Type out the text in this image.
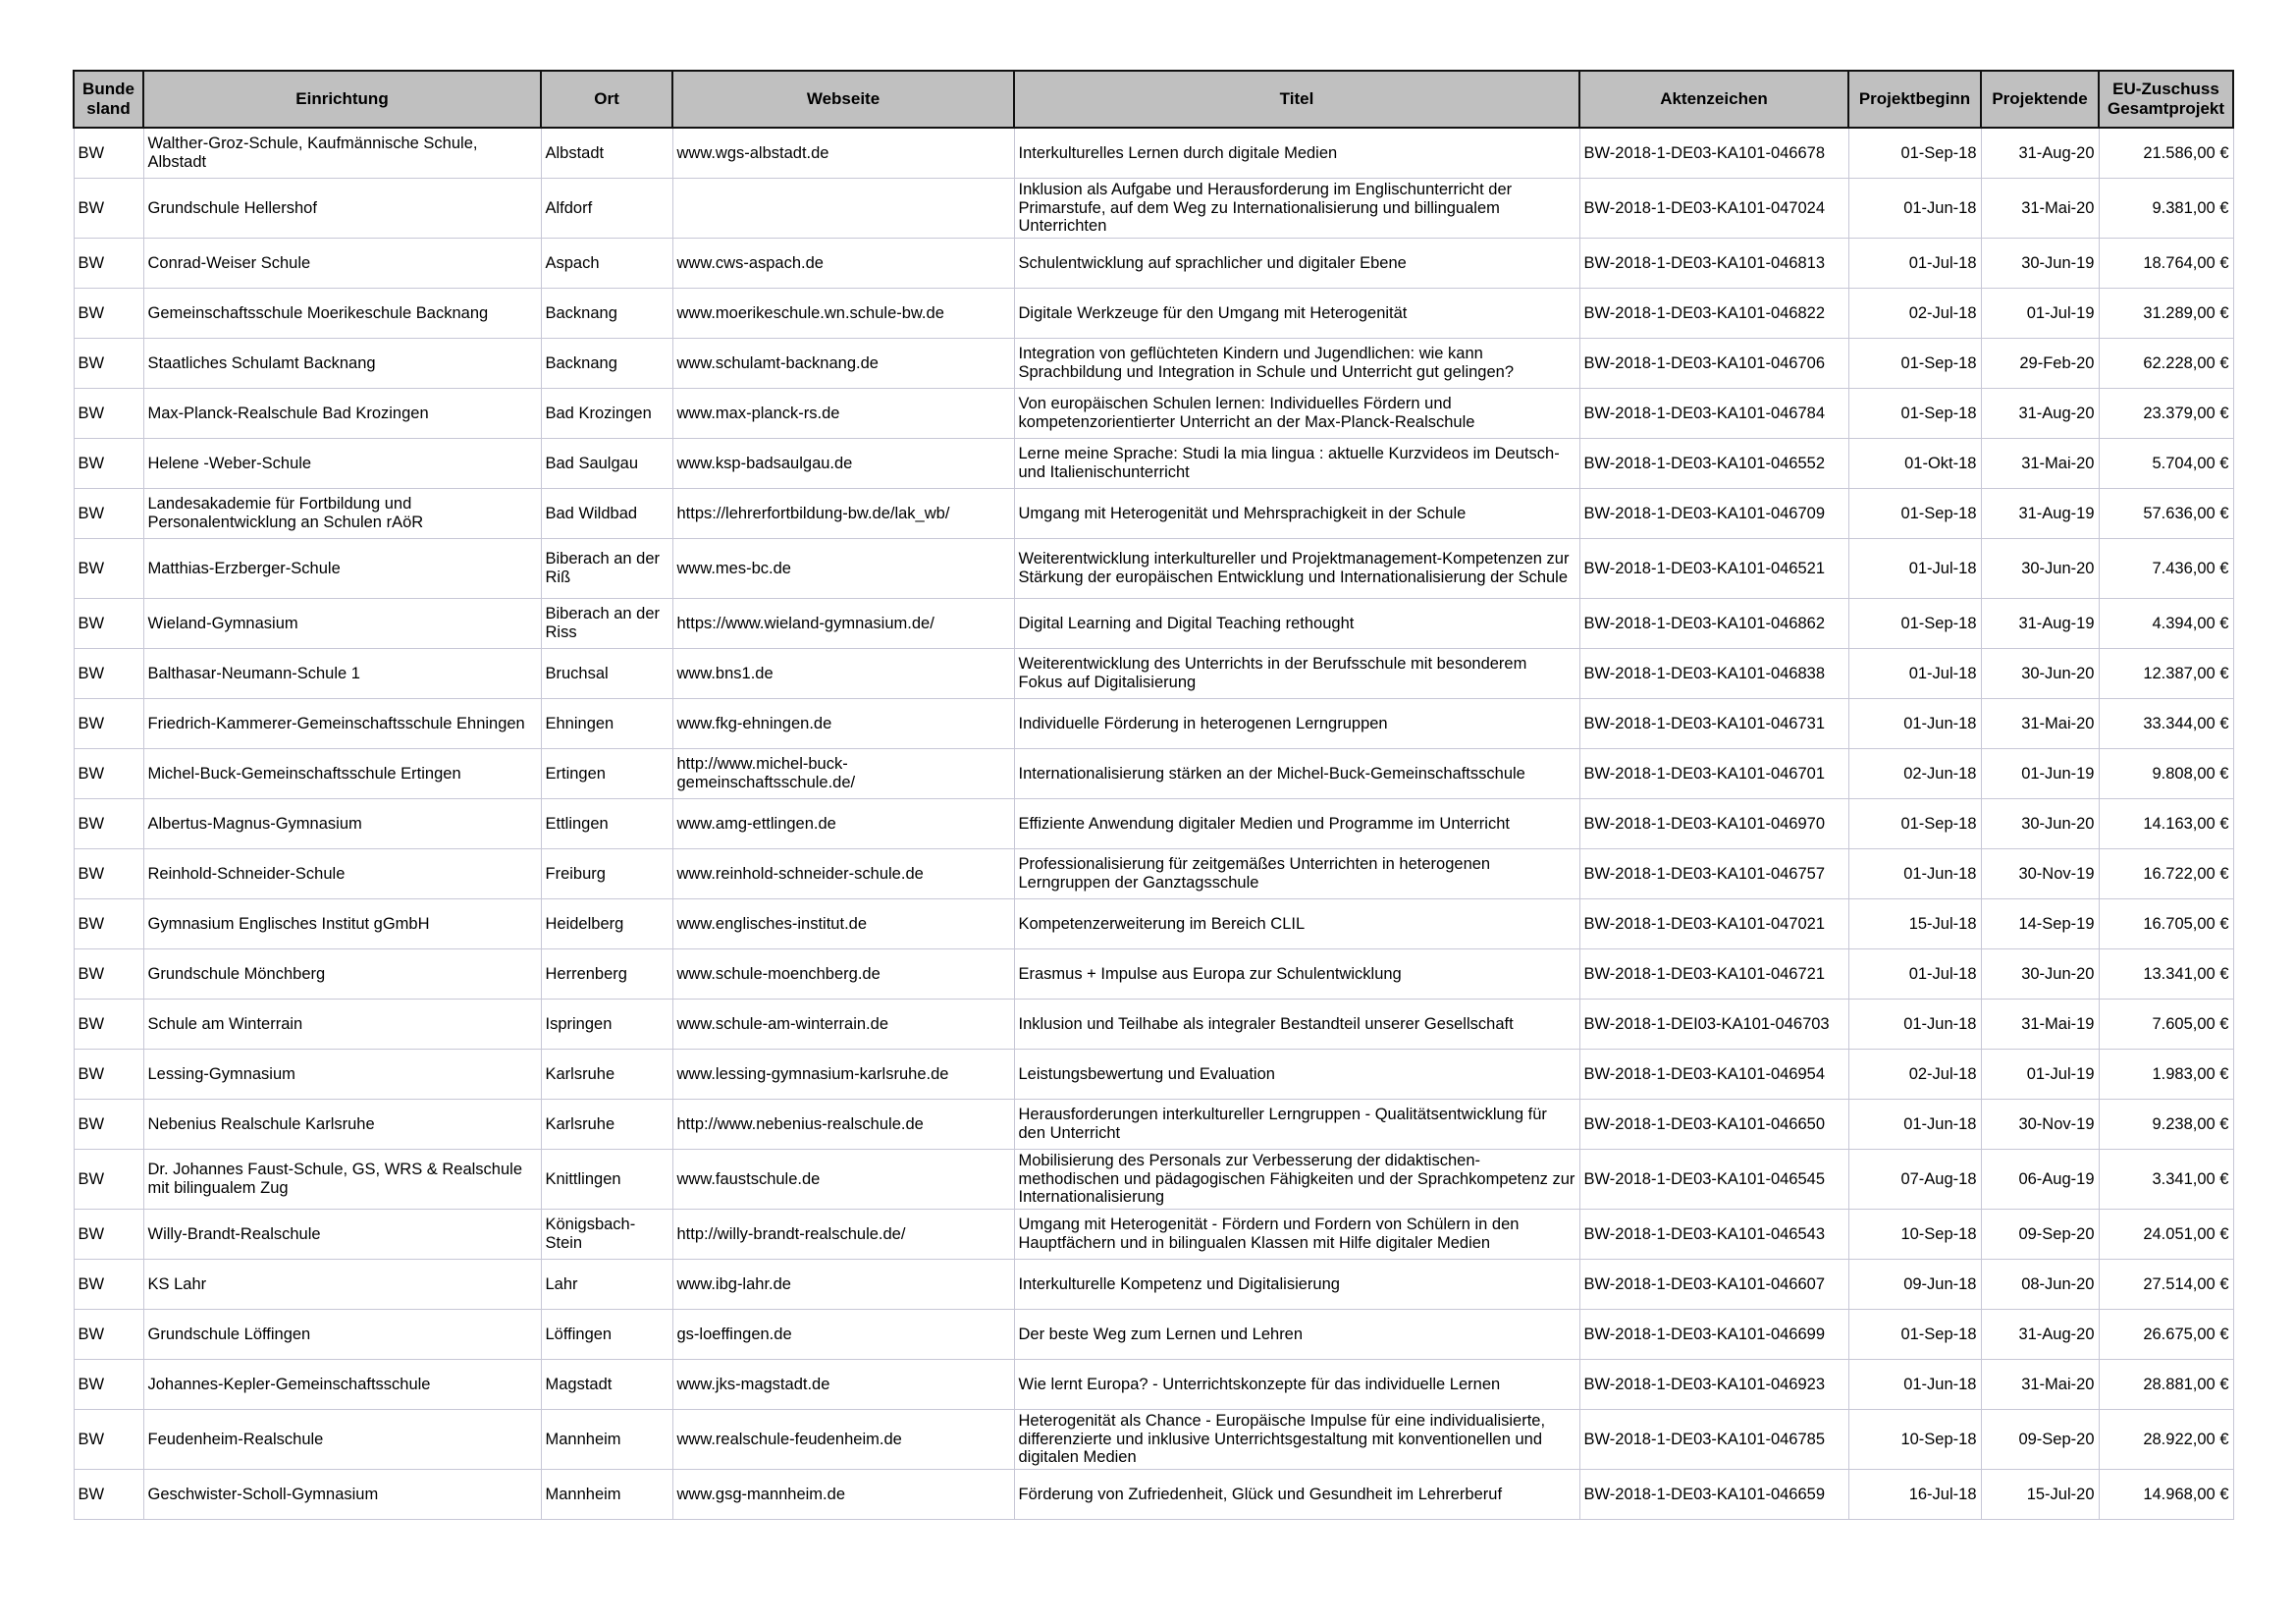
Bunde sland	Einrichtung	Ort	Webseite	Titel	Aktenzeichen	Projektbeginn	Projektende	EU-Zuschuss Gesamtprojekt
BW	Walther-Groz-Schule, Kaufmännische Schule, Albstadt	Albstadt	www.wgs-albstadt.de	Interkulturelles Lernen durch digitale Medien	BW-2018-1-DE03-KA101-046678	01-Sep-18	31-Aug-20	21.586,00 €
BW	Grundschule Hellershof	Alfdorf		Inklusion als Aufgabe und Herausforderung im Englischunterricht der Primarstufe, auf dem Weg zu Internationalisierung und billingualem Unterrichten	BW-2018-1-DE03-KA101-047024	01-Jun-18	31-Mai-20	9.381,00 €
BW	Conrad-Weiser Schule	Aspach	www.cws-aspach.de	Schulentwicklung auf sprachlicher und digitaler Ebene	BW-2018-1-DE03-KA101-046813	01-Jul-18	30-Jun-19	18.764,00 €
BW	Gemeinschaftsschule Moerikeschule Backnang	Backnang	www.moerikeschule.wn.schule-bw.de	Digitale Werkzeuge für den Umgang mit Heterogenität	BW-2018-1-DE03-KA101-046822	02-Jul-18	01-Jul-19	31.289,00 €
BW	Staatliches Schulamt Backnang	Backnang	www.schulamt-backnang.de	Integration von geflüchteten Kindern und Jugendlichen: wie kann Sprachbildung und Integration in Schule und Unterricht gut gelingen?	BW-2018-1-DE03-KA101-046706	01-Sep-18	29-Feb-20	62.228,00 €
BW	Max-Planck-Realschule Bad Krozingen	Bad Krozingen	www.max-planck-rs.de	Von europäischen Schulen lernen: Individuelles Fördern und kompetenzorientierter Unterricht an der Max-Planck-Realschule	BW-2018-1-DE03-KA101-046784	01-Sep-18	31-Aug-20	23.379,00 €
BW	Helene -Weber-Schule	Bad Saulgau	www.ksp-badsaulgau.de	Lerne meine Sprache: Studi la mia lingua : aktuelle Kurzvideos im Deutsch- und Italienischunterricht	BW-2018-1-DE03-KA101-046552	01-Okt-18	31-Mai-20	5.704,00 €
BW	Landesakademie für Fortbildung und Personalentwicklung an Schulen rAöR	Bad Wildbad	https://lehrerfortbildung-bw.de/lak_wb/	Umgang mit Heterogenität und Mehrsprachigkeit in der Schule	BW-2018-1-DE03-KA101-046709	01-Sep-18	31-Aug-19	57.636,00 €
BW	Matthias-Erzberger-Schule	Biberach an der Riß	www.mes-bc.de	Weiterentwicklung interkultureller und Projektmanagement-Kompetenzen zur Stärkung der europäischen Entwicklung und Internationalisierung der Schule	BW-2018-1-DE03-KA101-046521	01-Jul-18	30-Jun-20	7.436,00 €
BW	Wieland-Gymnasium	Biberach an der Riss	https://www.wieland-gymnasium.de/	Digital Learning and Digital Teaching rethought	BW-2018-1-DE03-KA101-046862	01-Sep-18	31-Aug-19	4.394,00 €
BW	Balthasar-Neumann-Schule 1	Bruchsal	www.bns1.de	Weiterentwicklung des Unterrichts in der Berufsschule mit besonderem Fokus auf Digitalisierung	BW-2018-1-DE03-KA101-046838	01-Jul-18	30-Jun-20	12.387,00 €
BW	Friedrich-Kammerer-Gemeinschaftsschule Ehningen	Ehningen	www.fkg-ehningen.de	Individuelle Förderung in heterogenen Lerngruppen	BW-2018-1-DE03-KA101-046731	01-Jun-18	31-Mai-20	33.344,00 €
BW	Michel-Buck-Gemeinschaftsschule Ertingen	Ertingen	http://www.michel-buck-gemeinschaftsschule.de/	Internationalisierung stärken an der Michel-Buck-Gemeinschaftsschule	BW-2018-1-DE03-KA101-046701	02-Jun-18	01-Jun-19	9.808,00 €
BW	Albertus-Magnus-Gymnasium	Ettlingen	www.amg-ettlingen.de	Effiziente Anwendung digitaler Medien und Programme im Unterricht	BW-2018-1-DE03-KA101-046970	01-Sep-18	30-Jun-20	14.163,00 €
BW	Reinhold-Schneider-Schule	Freiburg	www.reinhold-schneider-schule.de	Professionalisierung für zeitgemäßes Unterrichten in heterogenen Lerngruppen der Ganztagsschule	BW-2018-1-DE03-KA101-046757	01-Jun-18	30-Nov-19	16.722,00 €
BW	Gymnasium Englisches Institut gGmbH	Heidelberg	www.englisches-institut.de	Kompetenzerweiterung im Bereich CLIL	BW-2018-1-DE03-KA101-047021	15-Jul-18	14-Sep-19	16.705,00 €
BW	Grundschule Mönchberg	Herrenberg	www.schule-moenchberg.de	Erasmus + Impulse aus Europa zur Schulentwicklung	BW-2018-1-DE03-KA101-046721	01-Jul-18	30-Jun-20	13.341,00 €
BW	Schule am Winterrain	Ispringen	www.schule-am-winterrain.de	Inklusion und Teilhabe als integraler Bestandteil unserer Gesellschaft	BW-2018-1-DEI03-KA101-046703	01-Jun-18	31-Mai-19	7.605,00 €
BW	Lessing-Gymnasium	Karlsruhe	www.lessing-gymnasium-karlsruhe.de	Leistungsbewertung und Evaluation	BW-2018-1-DE03-KA101-046954	02-Jul-18	01-Jul-19	1.983,00 €
BW	Nebenius Realschule Karlsruhe	Karlsruhe	http://www.nebenius-realschule.de	Herausforderungen interkultureller Lerngruppen - Qualitätsentwicklung für den Unterricht	BW-2018-1-DE03-KA101-046650	01-Jun-18	30-Nov-19	9.238,00 €
BW	Dr. Johannes Faust-Schule, GS, WRS & Realschule mit bilingualem Zug	Knittlingen	www.faustschule.de	Mobilisierung des Personals zur Verbesserung der didaktischen-methodischen und pädagogischen Fähigkeiten und der Sprachkompetenz zur Internationalisierung	BW-2018-1-DE03-KA101-046545	07-Aug-18	06-Aug-19	3.341,00 €
BW	Willy-Brandt-Realschule	Königsbach-Stein	http://willy-brandt-realschule.de/	Umgang mit Heterogenität - Fördern und Fordern von Schülern in den Hauptfächern und in bilingualen Klassen mit Hilfe digitaler Medien	BW-2018-1-DE03-KA101-046543	10-Sep-18	09-Sep-20	24.051,00 €
BW	KS Lahr	Lahr	www.ibg-lahr.de	Interkulturelle Kompetenz und Digitalisierung	BW-2018-1-DE03-KA101-046607	09-Jun-18	08-Jun-20	27.514,00 €
BW	Grundschule Löffingen	Löffingen	gs-loeffingen.de	Der beste Weg zum Lernen und Lehren	BW-2018-1-DE03-KA101-046699	01-Sep-18	31-Aug-20	26.675,00 €
BW	Johannes-Kepler-Gemeinschaftsschule	Magstadt	www.jks-magstadt.de	Wie lernt Europa? - Unterrichtskonzepte für das individuelle Lernen	BW-2018-1-DE03-KA101-046923	01-Jun-18	31-Mai-20	28.881,00 €
BW	Feudenheim-Realschule	Mannheim	www.realschule-feudenheim.de	Heterogenität als Chance - Europäische Impulse für eine individualisierte, differenzierte und inklusive Unterrichtsgestaltung mit konventionellen und digitalen Medien	BW-2018-1-DE03-KA101-046785	10-Sep-18	09-Sep-20	28.922,00 €
BW	Geschwister-Scholl-Gymnasium	Mannheim	www.gsg-mannheim.de	Förderung von Zufriedenheit, Glück und Gesundheit im Lehrerberuf	BW-2018-1-DE03-KA101-046659	16-Jul-18	15-Jul-20	14.968,00 €
